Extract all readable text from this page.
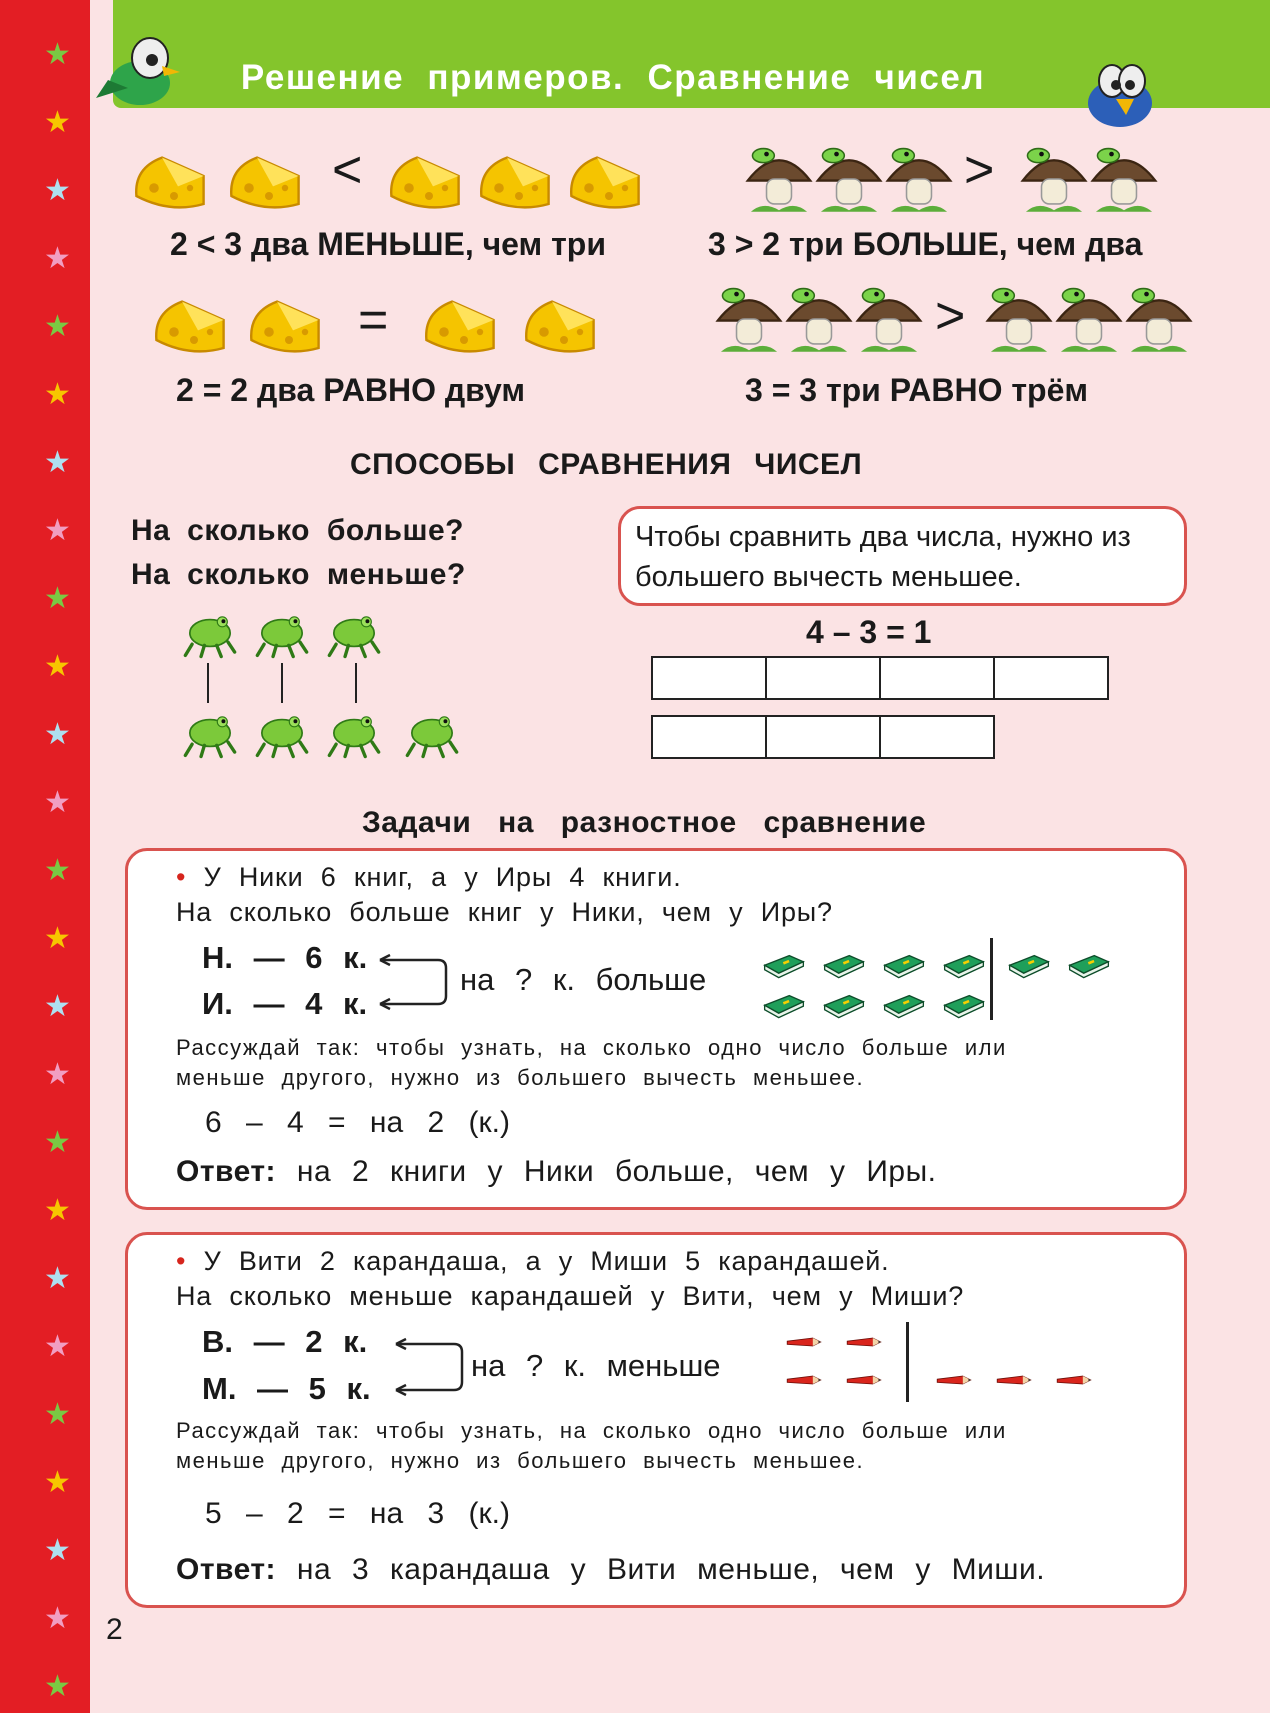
★
★
★
★
★
★
★
★
★
★
★
★
★
★
★
★
★
★
★
★
★
★
★
★
★
Решение примеров. Сравнение чисел
<	>
2 < 3 два МЕНЬШЕ, чем три	3 > 2 три БОЛЬШЕ, чем два
=	>
2 = 2 два РАВНО двум	3 = 3 три РАВНО трём
СПОСОБЫ СРАВНЕНИЯ ЧИСЕЛ
На сколько больше?
На сколько меньше?
Чтобы сравнить два числа, нужно из большего вычесть меньшее.
4 – 3 = 1
Задачи на разностное сравнение
• У Ники 6 книг, а у Иры 4 книги.
На сколько больше книг у Ники, чем у Иры?
Н. — 6 к.
И. — 4 к.
на ? к. больше
Рассуждай так: чтобы узнать, на сколько одно число больше или
меньше другого, нужно из большего вычесть меньшее.
6 – 4 = на 2 (к.)
Ответ: на 2 книги у Ники больше, чем у Иры.
• У Вити 2 карандаша, а у Миши 5 карандашей.
На сколько меньше карандашей у Вити, чем у Миши?
В. — 2 к.
М. — 5 к.
на ? к. меньше
Рассуждай так: чтобы узнать, на сколько одно число больше или
меньше другого, нужно из большего вычесть меньшее.
5 – 2 = на 3 (к.)
Ответ: на 3 карандаша у Вити меньше, чем у Миши.
2
